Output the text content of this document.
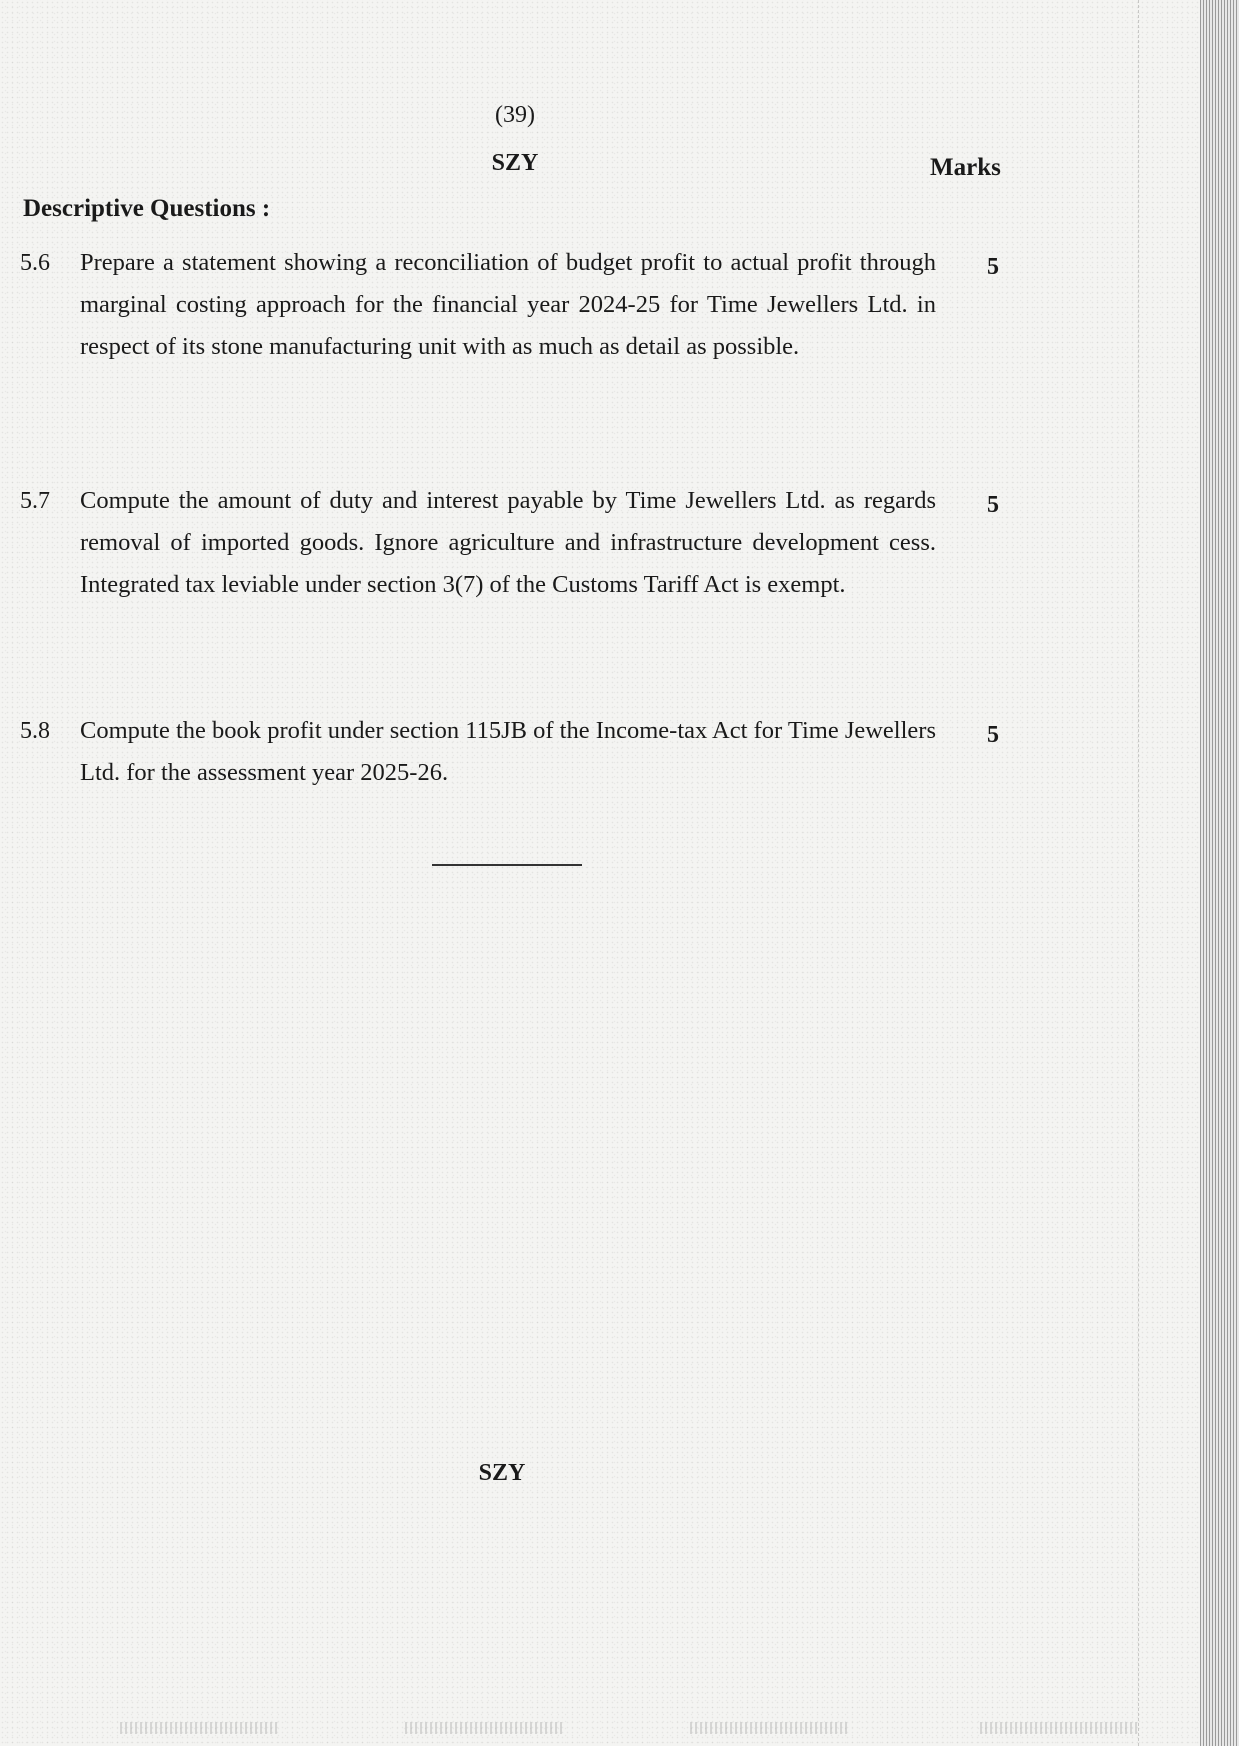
(39)
SZY	Marks
Descriptive Questions :
5.6 Prepare a statement showing a reconciliation of budget profit to actual profit through marginal costing approach for the financial year 2024-25 for Time Jewellers Ltd. in respect of its stone manufacturing unit with as much as detail as possible.
5
5.7 Compute the amount of duty and interest payable by Time Jewellers Ltd. as regards removal of imported goods. Ignore agriculture and infrastructure development cess. Integrated tax leviable under section 3(7) of the Customs Tariff Act is exempt.
5
5.8 Compute the book profit under section 115JB of the Income-tax Act for Time Jewellers Ltd. for the assessment year 2025-26.
5
SZY
